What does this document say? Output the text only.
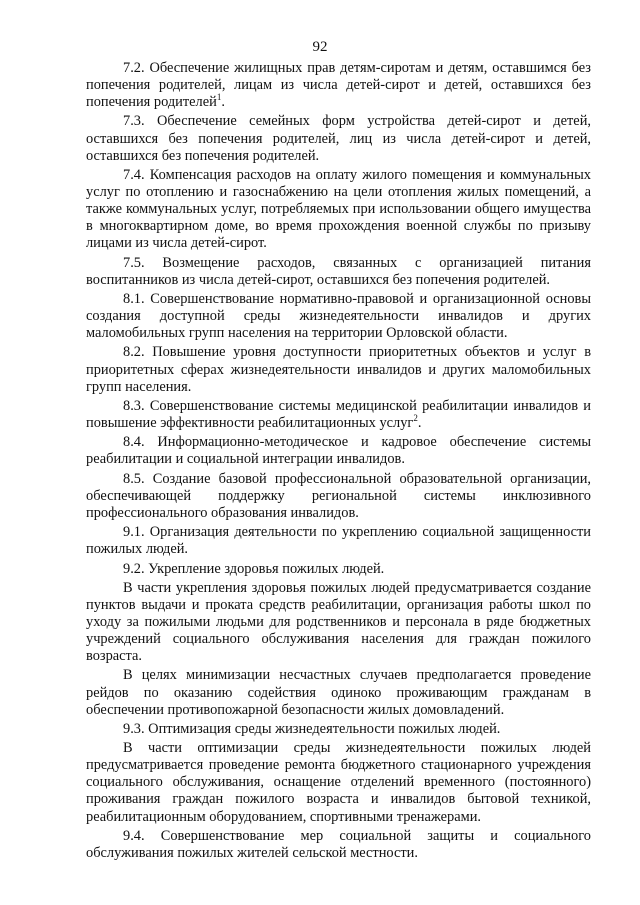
92

7.2. Обеспечение жилищных прав детям-сиротам и детям, оставшимся без попечения родителей, лицам из числа детей-сирот и детей, оставшихся без попечения родителей$^1$.

7.3. Обеспечение семейных форм устройства детей-сирот и детей, оставшихся без попечения родителей, лиц из числа детей-сирот и детей, оставшихся без попечения родителей.

7.4. Компенсация расходов на оплату жилого помещения и коммунальных услуг по отоплению и газоснабжению на цели отопления жилых помещений, а также коммунальных услуг, потребляемых при использовании общего имущества в многоквартирном доме, во время прохождения военной службы по призыву лицами из числа детей-сирот.

7.5. Возмещение расходов, связанных с организацией питания воспитанников из числа детей-сирот, оставшихся без попечения родителей.

8.1. Совершенствование нормативно-правовой и организационной основы создания доступной среды жизнедеятельности инвалидов и других маломобильных групп населения на территории Орловской области.

8.2. Повышение уровня доступности приоритетных объектов и услуг в приоритетных сферах жизнедеятельности инвалидов и других маломобильных групп населения.

8.3. Совершенствование системы медицинской реабилитации инвалидов и повышение эффективности реабилитационных услуг$^2$.

8.4. Информационно-методическое и кадровое обеспечение системы реабилитации и социальной интеграции инвалидов.

8.5. Создание базовой профессиональной образовательной организации, обеспечивающей поддержку региональной системы инклюзивного профессионального образования инвалидов.

9.1. Организация деятельности по укреплению социальной защищенности пожилых людей.

9.2. Укрепление здоровья пожилых людей.

В части укрепления здоровья пожилых людей предусматривается создание пунктов выдачи и проката средств реабилитации, организация работы школ по уходу за пожилыми людьми для родственников и персонала в ряде бюджетных учреждений социального обслуживания населения для граждан пожилого возраста.

В целях минимизации несчастных случаев предполагается проведение рейдов по оказанию содействия одиноко проживающим гражданам в обеспечении противопожарной безопасности жилых домовладений.

9.3. Оптимизация среды жизнедеятельности пожилых людей.

В части оптимизации среды жизнедеятельности пожилых людей предусматривается проведение ремонта бюджетного стационарного учреждения социального обслуживания, оснащение отделений временного (постоянного) проживания граждан пожилого возраста и инвалидов бытовой техникой, реабилитационным оборудованием, спортивными тренажерами.

9.4. Совершенствование мер социальной защиты и социального обслуживания пожилых жителей сельской местности.
